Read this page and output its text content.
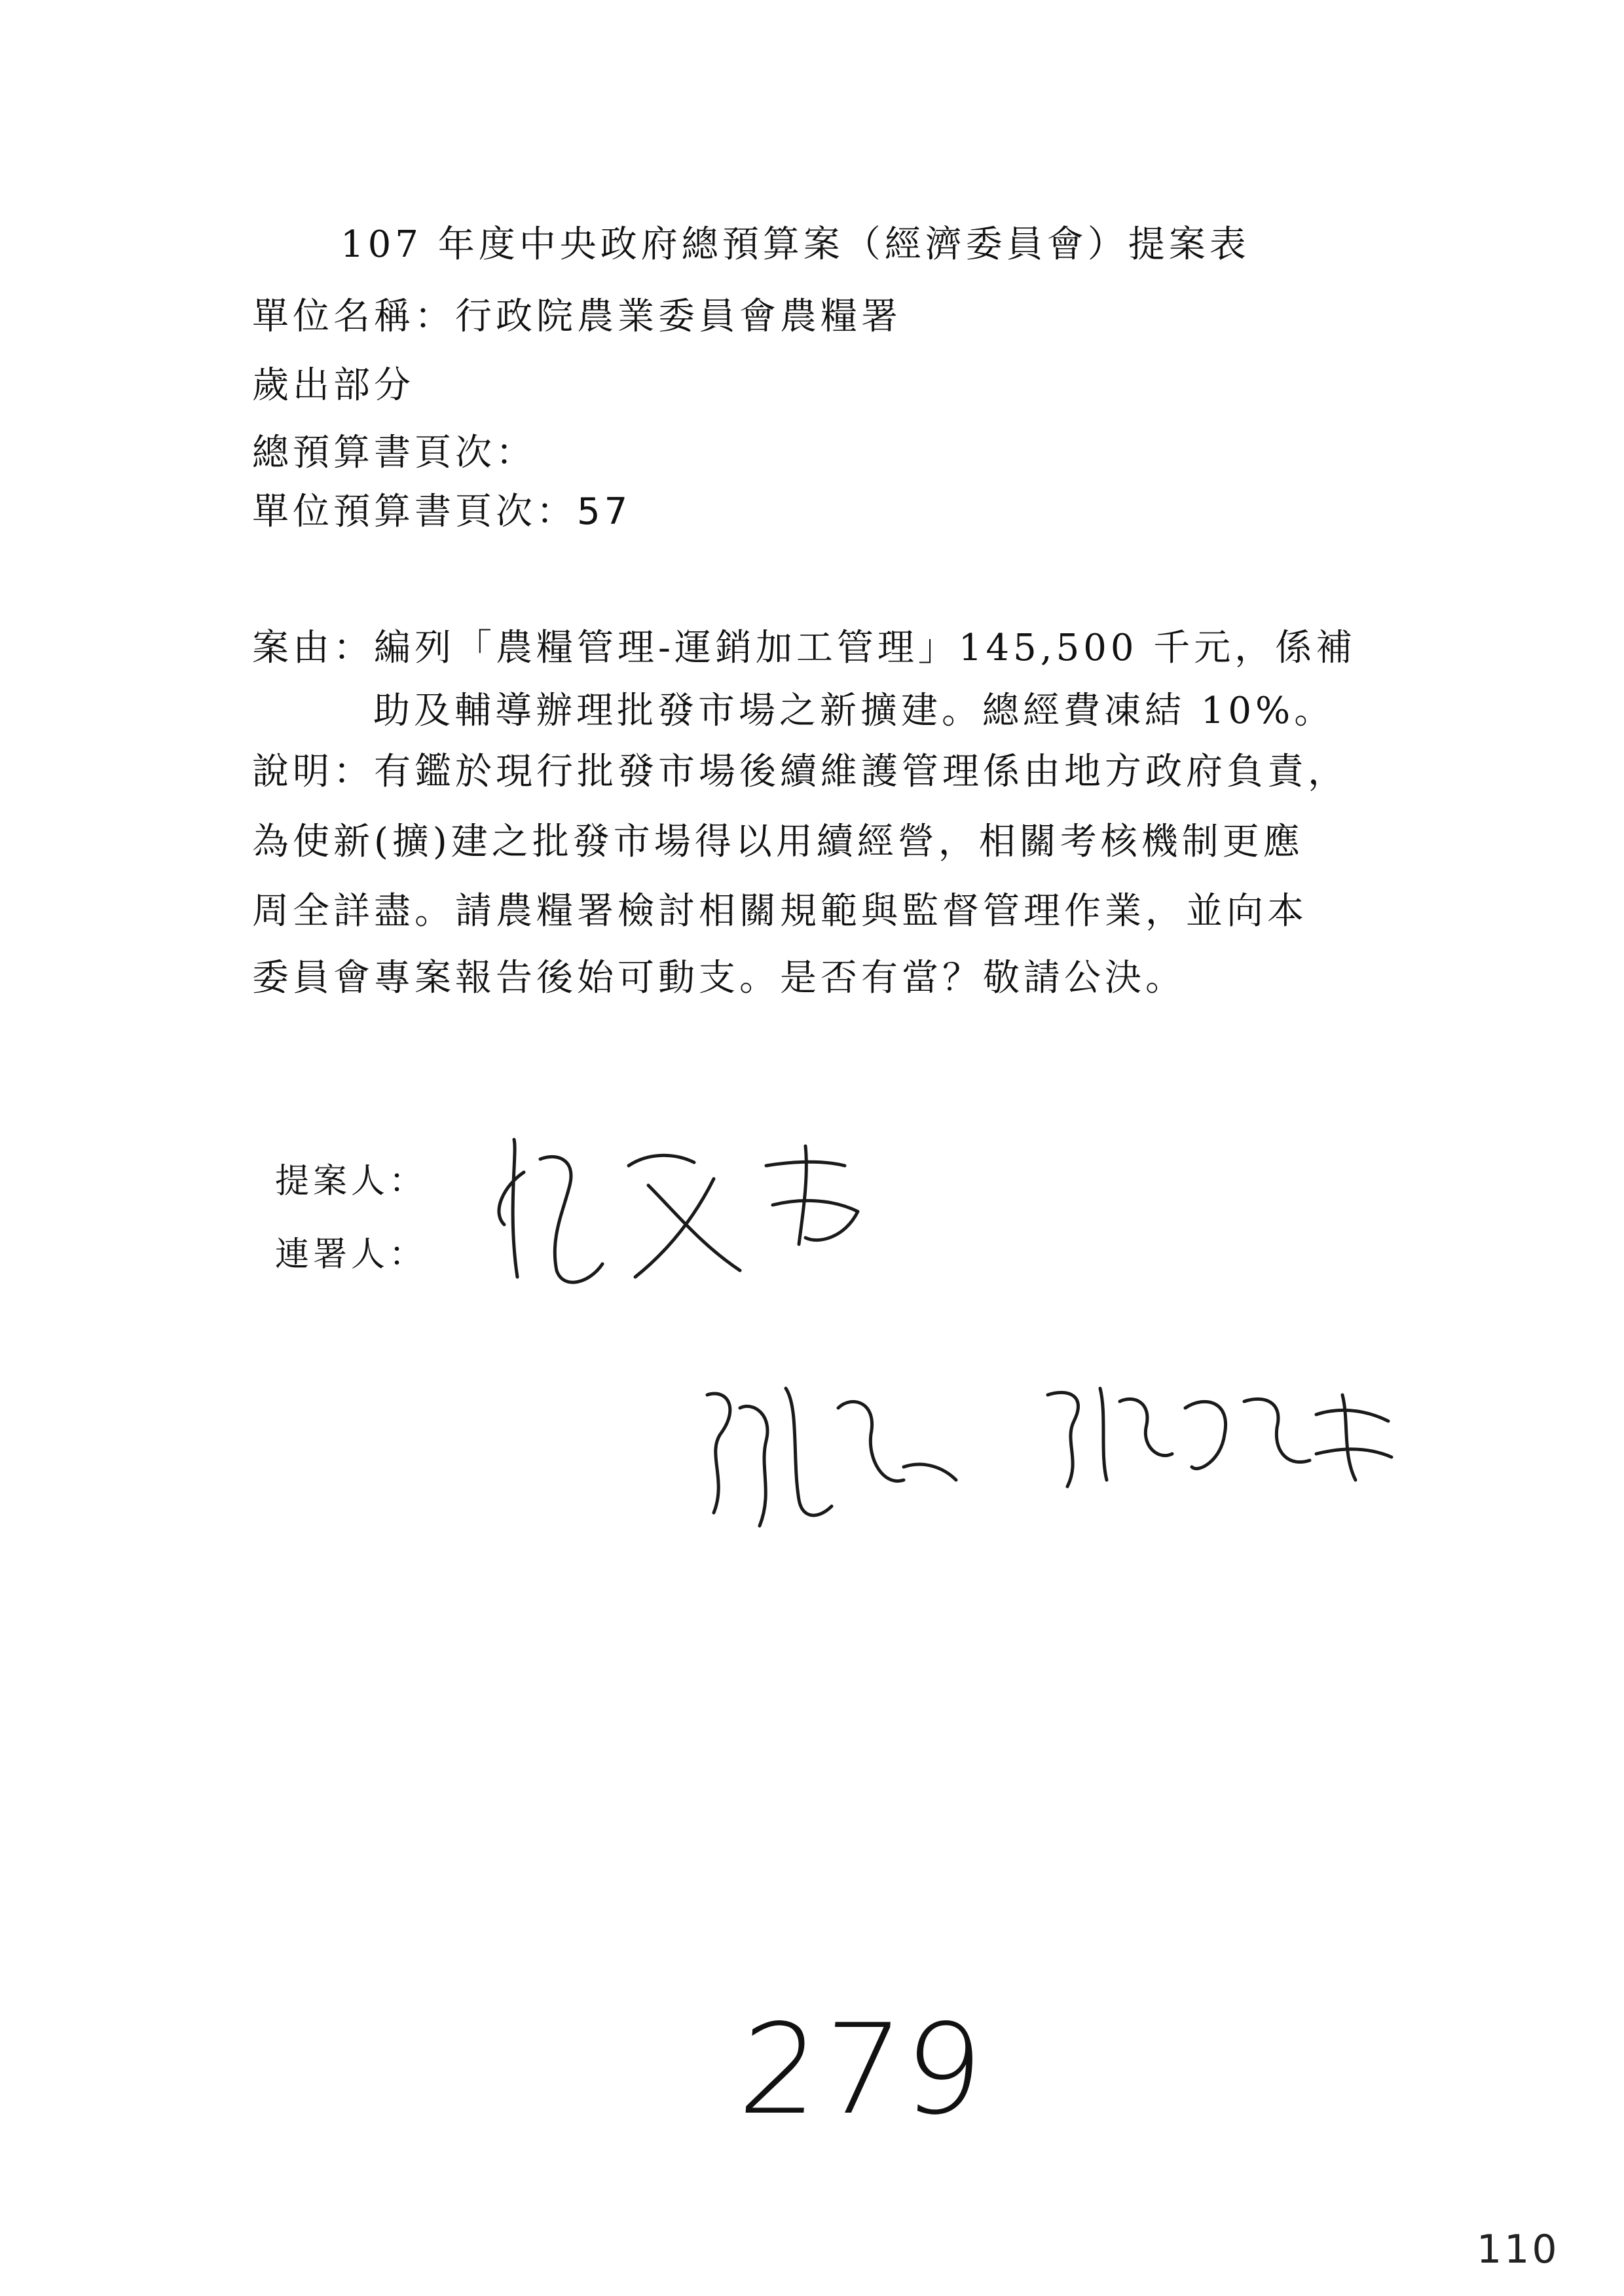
107 年度中央政府總預算案（經濟委員會）提案表
單位名稱：行政院農業委員會農糧署
歲出部分
總預算書頁次：
單位預算書頁次：57
案由：編列「農糧管理-運銷加工管理」145,500 千元，係補
助及輔導辦理批發市場之新擴建。總經費凍結 10%。
說明：有鑑於現行批發市場後續維護管理係由地方政府負責，
為使新(擴)建之批發市場得以用續經營，相關考核機制更應
周全詳盡。請農糧署檢討相關規範與監督管理作業，並向本
委員會專案報告後始可動支。是否有當？敬請公決。
提案人：
連署人：
279
110
